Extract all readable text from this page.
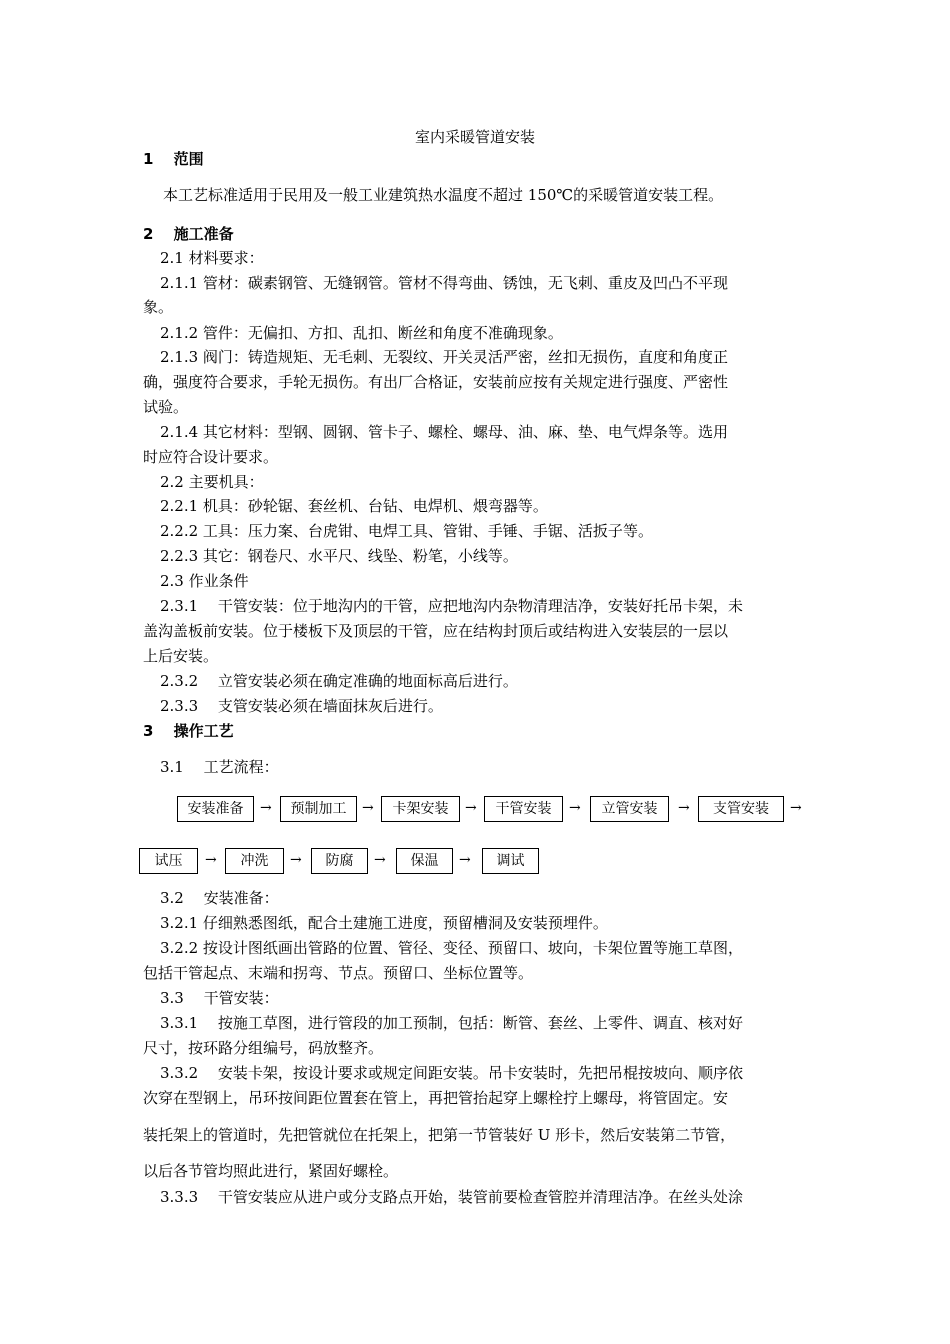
室内采暖管道安装
1　 范围
本工艺标准适用于民用及一般工业建筑热水温度不超过 150℃的采暖管道安装工程。
2　 施工准备
2.1 材料要求：
2.1.1 管材：碳素钢管、无缝钢管。管材不得弯曲、锈蚀，无飞刺、重皮及凹凸不平现
象。
2.1.2 管件：无偏扣、方扣、乱扣、断丝和角度不准确现象。
2.1.3 阀门：铸造规矩、无毛刺、无裂纹、开关灵活严密，丝扣无损伤，直度和角度正
确，强度符合要求，手轮无损伤。有出厂合格证，安装前应按有关规定进行强度、严密性
试验。
2.1.4 其它材料：型钢、圆钢、管卡子、螺栓、螺母、油、麻、垫、电气焊条等。选用
时应符合设计要求。
2.2 主要机具：
2.2.1 机具：砂轮锯、套丝机、台钻、电焊机、煨弯器等。
2.2.2 工具：压力案、台虎钳、电焊工具、管钳、手锤、手锯、活扳子等。
2.2.3 其它：钢卷尺、水平尺、线坠、粉笔，小线等。
2.3 作业条件
2.3.1　 干管安装：位于地沟内的干管，应把地沟内杂物清理洁净，安装好托吊卡架，未
盖沟盖板前安装。位于楼板下及顶层的干管，应在结构封顶后或结构进入安装层的一层以
上后安装。
2.3.2　 立管安装必须在确定准确的地面标高后进行。
2.3.3　 支管安装必须在墙面抹灰后进行。
3　 操作工艺
3.1　 工艺流程：
安装准备	→	预制加工	→	卡架安装	→	干管安装	→	立管安装	→	支管安装	→
试压	→	冲洗	→	防腐	→	保温	→	调试
3.2　 安装准备：
3.2.1 仔细熟悉图纸，配合土建施工进度，预留槽洞及安装预埋件。
3.2.2 按设计图纸画出管路的位置、管径、变径、预留口、坡向，卡架位置等施工草图，
包括干管起点、末端和拐弯、节点。预留口、坐标位置等。
3.3　 干管安装：
3.3.1　 按施工草图，进行管段的加工预制，包括：断管、套丝、上零件、调直、核对好
尺寸，按环路分组编号，码放整齐。
3.3.2　 安装卡架，按设计要求或规定间距安装。吊卡安装时，先把吊棍按坡向、顺序依
次穿在型钢上，吊环按间距位置套在管上，再把管抬起穿上螺栓拧上螺母，将管固定。安
装托架上的管道时，先把管就位在托架上，把第一节管装好 U 形卡，然后安装第二节管，
以后各节管均照此进行，紧固好螺栓。
3.3.3　 干管安装应从进户或分支路点开始，装管前要检查管腔并清理洁净。在丝头处涂
